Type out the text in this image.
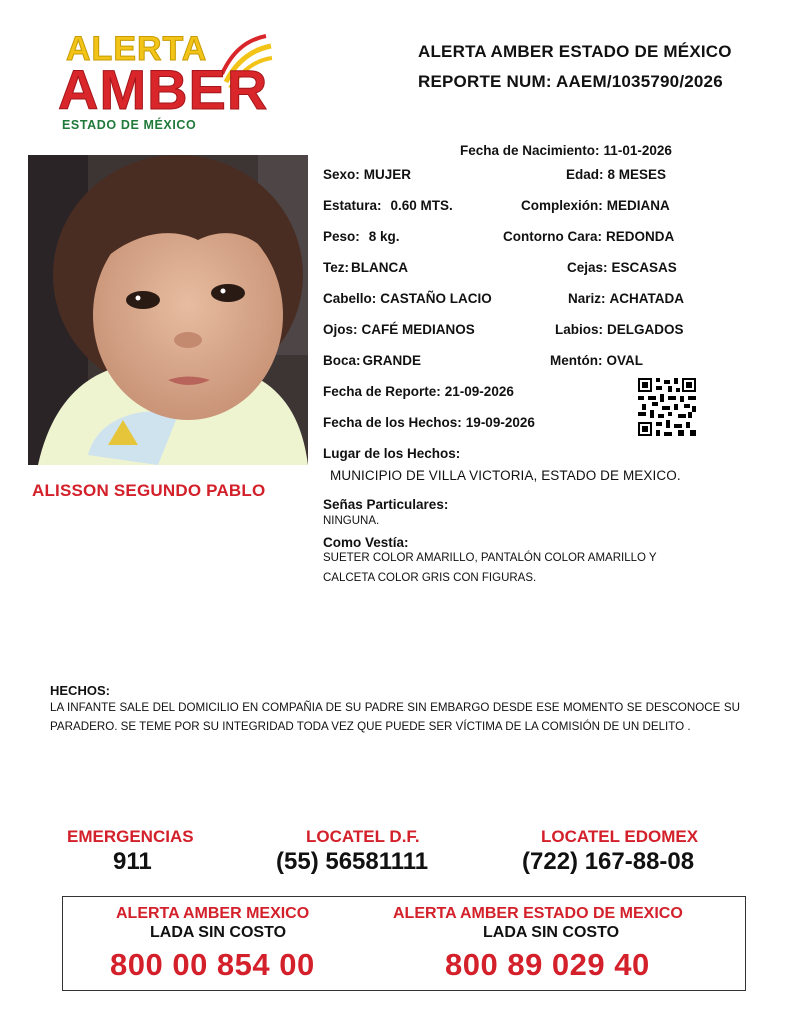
ALERTA
AMBER
ESTADO DE MÉXICO
ALERTA AMBER ESTADO DE MÉXICO
REPORTE NUM: AAEM/1035790/2026
ALISSON SEGUNDO PABLO
Fecha de Nacimiento: 11-01-2026
Sexo: MUJER	Edad: 8 MESES
Estatura: 0.60 MTS.	Complexión: MEDIANA
Peso: 8 kg.	Contorno Cara: REDONDA
Tez: BLANCA	Cejas: ESCASAS
Cabello: CASTAÑO LACIO	Nariz: ACHATADA
Ojos: CAFÉ MEDIANOS	Labios: DELGADOS
Boca: GRANDE	Mentón: OVAL
Fecha de Reporte: 21-09-2026
Fecha de los Hechos: 19-09-2026
Lugar de los Hechos:
MUNICIPIO DE VILLA VICTORIA, ESTADO DE MEXICO.
Señas Particulares:
NINGUNA.
Como Vestía:
SUETER COLOR AMARILLO, PANTALÓN COLOR AMARILLO Y
CALCETA COLOR GRIS CON FIGURAS.
HECHOS:
LA INFANTE SALE DEL DOMICILIO EN COMPAÑIA DE SU PADRE SIN EMBARGO DESDE ESE MOMENTO SE DESCONOCE SU PARADERO. SE TEME POR SU INTEGRIDAD TODA VEZ QUE PUEDE SER VÍCTIMA DE LA COMISIÓN DE UN DELITO .
EMERGENCIAS
911
LOCATEL D.F.
(55) 56581111
LOCATEL EDOMEX
(722) 167-88-08
ALERTA AMBER MEXICO
LADA SIN COSTO
800 00 854 00
ALERTA AMBER ESTADO DE MEXICO
LADA SIN COSTO
800 89 029 40
